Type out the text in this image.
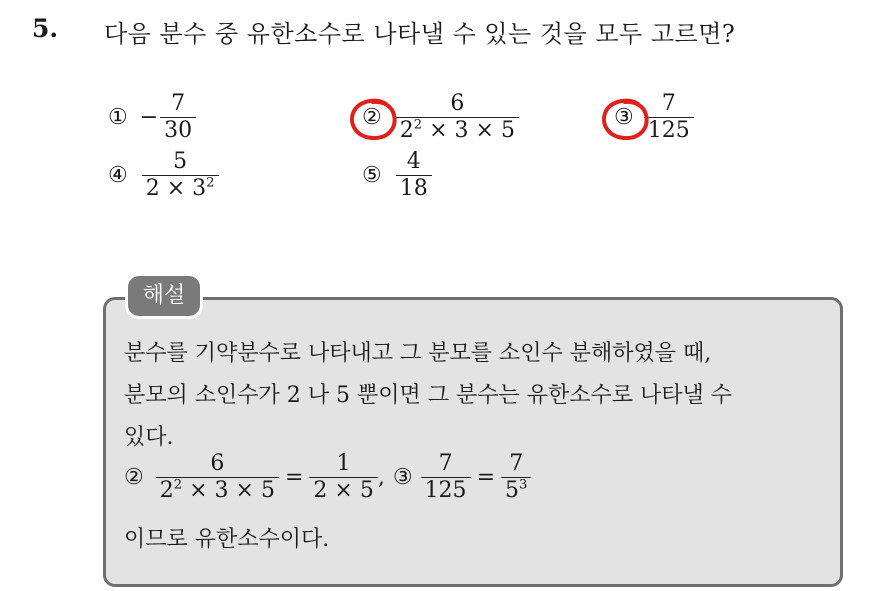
5. 다음 분수 중 유한소수로 나타낼 수 있는 것을 모두 고르면?
① − $\frac{7}{30}$	② $\frac{6}{2^2 \times 3 \times 5}$	③ $\frac{7}{125}$
④ $\frac{5}{2 \times 3^2}$	⑤ $\frac{4}{18}$
해설
분수를 기약분수로 나타내고 그 분모를 소인수 분해하였을 때,
분모의 소인수가 2 나 5 뿐이면 그 분수는 유한소수로 나타낼 수
있다.
② $\frac{6}{2^2 \times 3 \times 5} = \frac{1}{2 \times 5}$ , ③ $\frac{7}{125} = \frac{7}{5^3}$
이므로 유한소수이다.
